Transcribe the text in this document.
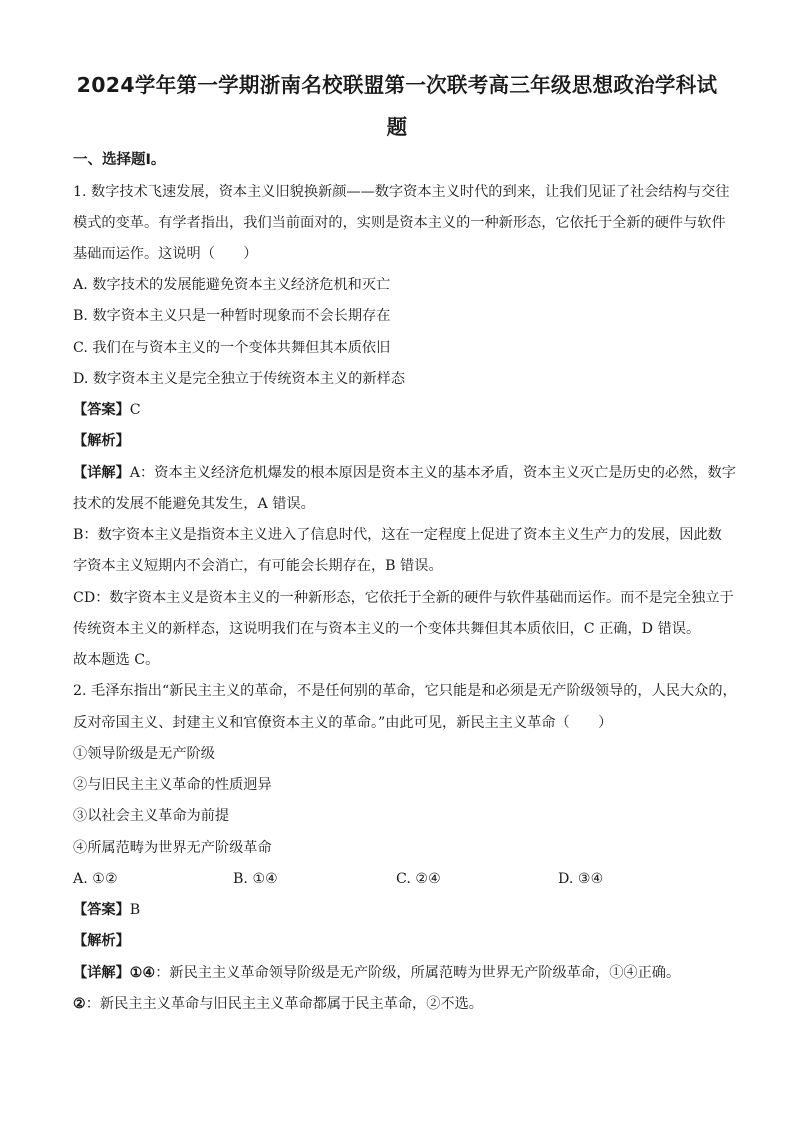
2024学年第一学期浙南名校联盟第一次联考高三年级思想政治学科试
题
一、选择题Ⅰ。
1. 数字技术飞速发展，资本主义旧貌换新颜——数字资本主义时代的到来，让我们见证了社会结构与交往
模式的变革。有学者指出，我们当前面对的，实则是资本主义的一种新形态，它依托于全新的硬件与软件
基础而运作。这说明（　　）
A. 数字技术的发展能避免资本主义经济危机和灭亡
B. 数字资本主义只是一种暂时现象而不会长期存在
C. 我们在与资本主义的一个变体共舞但其本质依旧
D. 数字资本主义是完全独立于传统资本主义的新样态
【答案】C
【解析】
【详解】A：资本主义经济危机爆发的根本原因是资本主义的基本矛盾，资本主义灭亡是历史的必然，数字
技术的发展不能避免其发生，A 错误。
B：数字资本主义是指资本主义进入了信息时代，这在一定程度上促进了资本主义生产力的发展，因此数
字资本主义短期内不会消亡，有可能会长期存在，B 错误。
CD：数字资本主义是资本主义的一种新形态，它依托于全新的硬件与软件基础而运作。而不是完全独立于
传统资本主义的新样态，这说明我们在与资本主义的一个变体共舞但其本质依旧，C 正确，D 错误。
故本题选 C。
2. 毛泽东指出“新民主主义的革命，不是任何别的革命，它只能是和必须是无产阶级领导的，人民大众的，
反对帝国主义、封建主义和官僚资本主义的革命。”由此可见，新民主主义革命（　　）
①领导阶级是无产阶级
②与旧民主主义革命的性质迥异
③以社会主义革命为前提
④所属范畴为世界无产阶级革命
A. ①②	B. ①④	C. ②④	D. ③④
【答案】B
【解析】
【详解】①④：新民主主义革命领导阶级是无产阶级，所属范畴为世界无产阶级革命，①④正确。
②：新民主主义革命与旧民主主义革命都属于民主革命，②不选。
